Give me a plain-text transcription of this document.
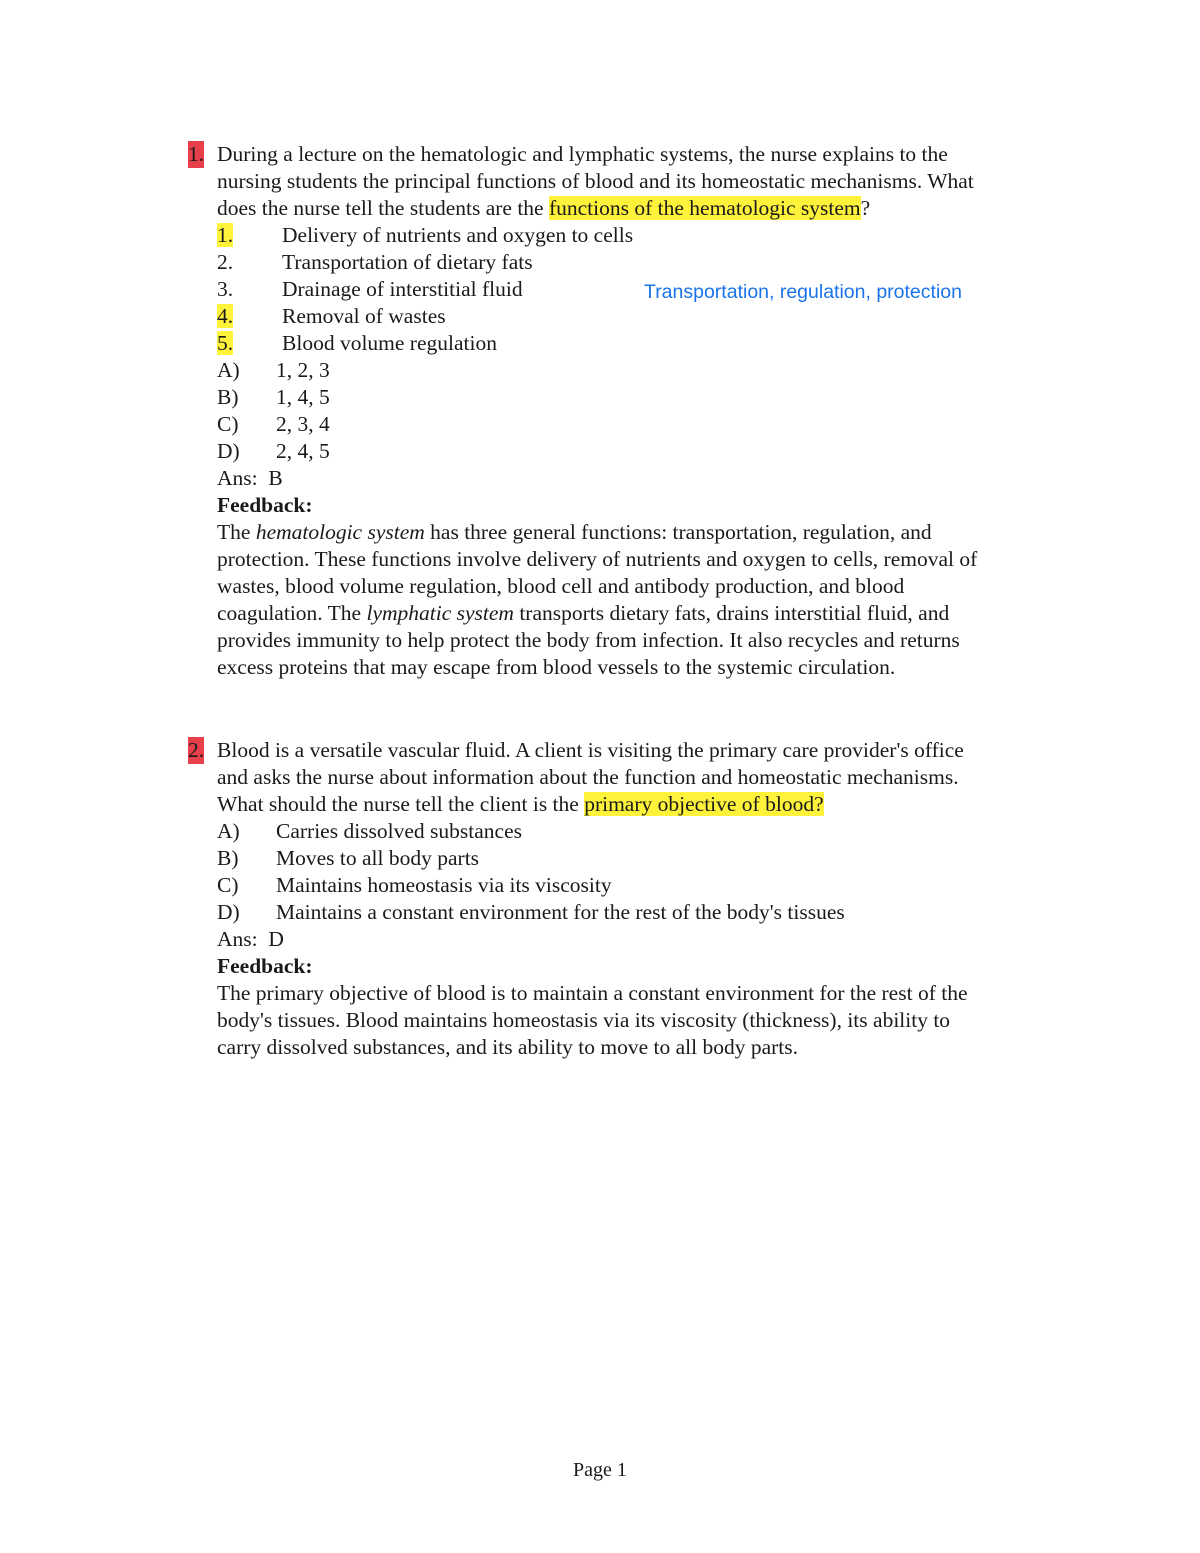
1. During a lecture on the hematologic and lymphatic systems, the nurse explains to the
nursing students the principal functions of blood and its homeostatic mechanisms. What
does the nurse tell the students are the functions of the hematologic system?
1. Delivery of nutrients and oxygen to cells
2. Transportation of dietary fats
3. Drainage of interstitial fluid
4. Removal of wastes
5. Blood volume regulation
A) 1, 2, 3
B) 1, 4, 5
C) 2, 3, 4
D) 2, 4, 5
Ans: B
Feedback:
The hematologic system has three general functions: transportation, regulation, and
protection. These functions involve delivery of nutrients and oxygen to cells, removal of
wastes, blood volume regulation, blood cell and antibody production, and blood
coagulation. The lymphatic system transports dietary fats, drains interstitial fluid, and
provides immunity to help protect the body from infection. It also recycles and returns
excess proteins that may escape from blood vessels to the systemic circulation.
Transportation, regulation, protection
2. Blood is a versatile vascular fluid. A client is visiting the primary care provider's office
and asks the nurse about information about the function and homeostatic mechanisms.
What should the nurse tell the client is the primary objective of blood?
A) Carries dissolved substances
B) Moves to all body parts
C) Maintains homeostasis via its viscosity
D) Maintains a constant environment for the rest of the body's tissues
Ans: D
Feedback:
The primary objective of blood is to maintain a constant environment for the rest of the
body's tissues. Blood maintains homeostasis via its viscosity (thickness), its ability to
carry dissolved substances, and its ability to move to all body parts.
Page 1
